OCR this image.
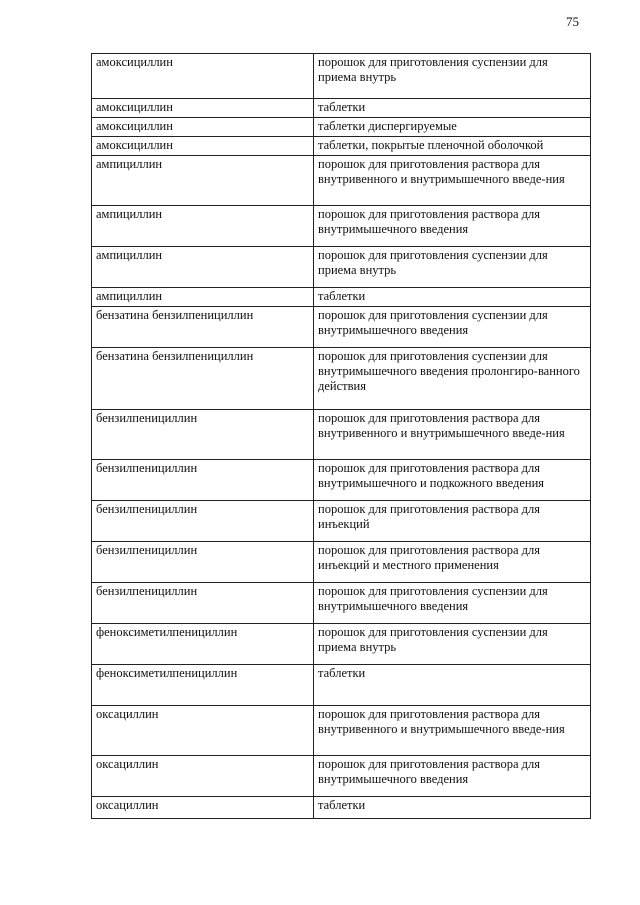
75
амоксициллин	порошок для приготовления суспензии для приема внутрь
амоксициллин	таблетки
амоксициллин	таблетки диспергируемые
амоксициллин	таблетки, покрытые пленочной оболочкой
ампициллин	порошок для приготовления раствора для внутривенного и внутримышечного введе-ния
ампициллин	порошок для приготовления раствора для внутримышечного введения
ампициллин	порошок для приготовления суспензии для приема внутрь
ампициллин	таблетки
бензатина бензилпенициллин	порошок для приготовления суспензии для внутримышечного введения
бензатина бензилпенициллин	порошок для приготовления суспензии для внутримышечного введения пролонгиро-ванного действия
бензилпенициллин	порошок для приготовления раствора для внутривенного и внутримышечного введе-ния
бензилпенициллин	порошок для приготовления раствора для внутримышечного и подкожного введения
бензилпенициллин	порошок для приготовления раствора для инъекций
бензилпенициллин	порошок для приготовления раствора для инъекций и местного применения
бензилпенициллин	порошок для приготовления суспензии для внутримышечного введения
феноксиметилпенициллин	порошок для приготовления суспензии для приема внутрь
феноксиметилпенициллин	таблетки
оксациллин	порошок для приготовления раствора для внутривенного и внутримышечного введе-ния
оксациллин	порошок для приготовления раствора для внутримышечного введения
оксациллин	таблетки
